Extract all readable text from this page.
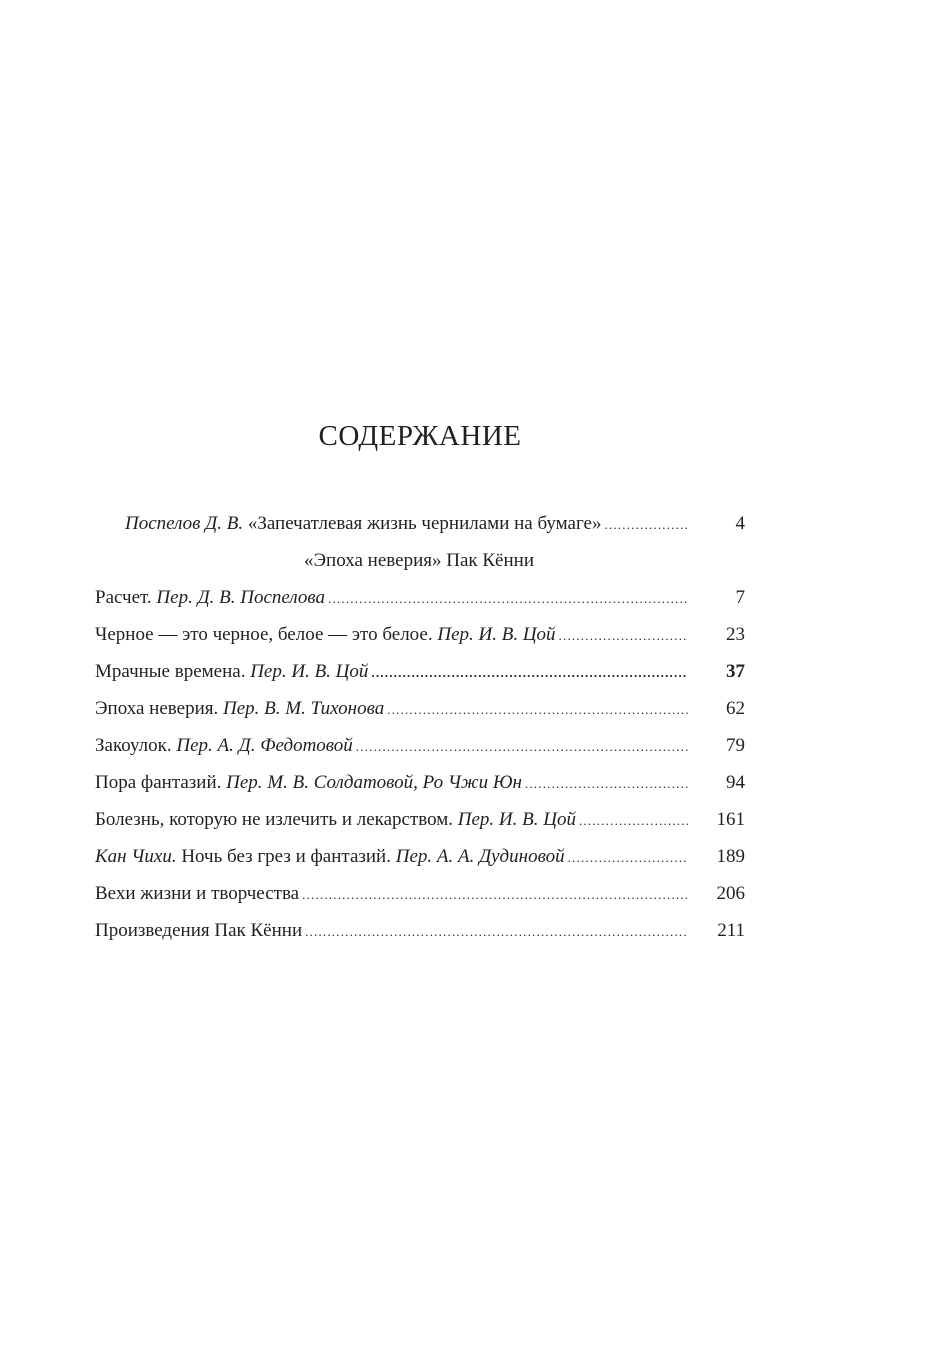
СОДЕРЖАНИЕ
Поспелов Д. В. «Запечатлевая жизнь чернилами на бумаге» .....	4
«Эпоха неверия» Пак Кённи
Расчет. Пер. Д. В. Поспелова .....	7
Черное — это черное, белое — это белое. Пер. И. В. Цой .....	23
Мрачные времена. Пер. И. В. Цой .....	37
Эпоха неверия. Пер. В. М. Тихонова .....	62
Закоулок. Пер. А. Д. Федотовой .....	79
Пора фантазий. Пер. М. В. Солдатовой, Ро Чжи Юн .....	94
Болезнь, которую не излечить и лекарством. Пер. И. В. Цой .....	161
Кан Чихи. Ночь без грез и фантазий. Пер. А. А. Дудиновой .....	189
Вехи жизни и творчества .....	206
Произведения Пак Кённи .....	211
